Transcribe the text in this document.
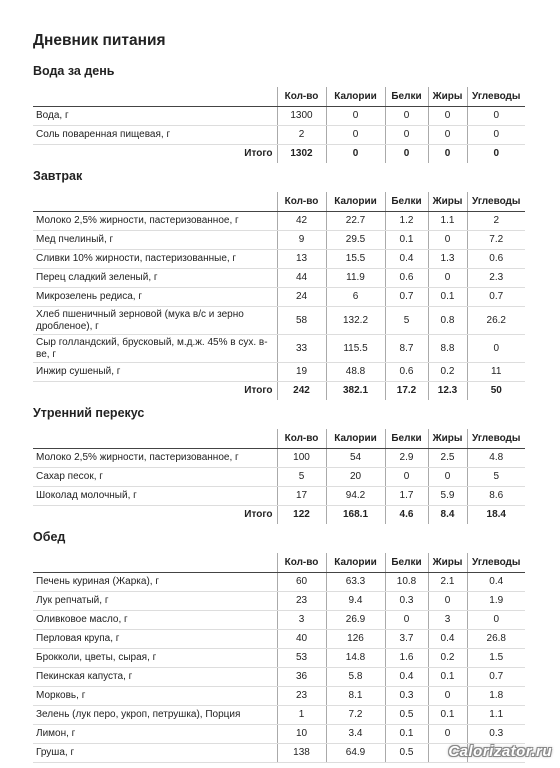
Дневник питания
Вода за день
	Кол-во	Калории	Белки	Жиры	Углеводы
Вода, г	1300	0	0	0	0
Соль поваренная пищевая, г	2	0	0	0	0
Итого	1302	0	0	0	0
Завтрак
	Кол-во	Калории	Белки	Жиры	Углеводы
Молоко 2,5% жирности, пастеризованное, г	42	22.7	1.2	1.1	2
Мед пчелиный, г	9	29.5	0.1	0	7.2
Сливки 10% жирности, пастеризованные, г	13	15.5	0.4	1.3	0.6
Перец сладкий зеленый, г	44	11.9	0.6	0	2.3
Микрозелень редиса, г	24	6	0.7	0.1	0.7
Хлеб пшеничный зерновой (мука в/с и зерно дробленое), г	58	132.2	5	0.8	26.2
Сыр голландский, брусковый, м.д.ж. 45% в сух. в-ве, г	33	115.5	8.7	8.8	0
Инжир сушеный, г	19	48.8	0.6	0.2	11
Итого	242	382.1	17.2	12.3	50
Утренний перекус
	Кол-во	Калории	Белки	Жиры	Углеводы
Молоко 2,5% жирности, пастеризованное, г	100	54	2.9	2.5	4.8
Сахар песок, г	5	20	0	0	5
Шоколад молочный, г	17	94.2	1.7	5.9	8.6
Итого	122	168.1	4.6	8.4	18.4
Обед
	Кол-во	Калории	Белки	Жиры	Углеводы
Печень куриная (Жарка), г	60	63.3	10.8	2.1	0.4
Лук репчатый, г	23	9.4	0.3	0	1.9
Оливковое масло, г	3	26.9	0	3	0
Перловая крупа, г	40	126	3.7	0.4	26.8
Брокколи, цветы, сырая, г	53	14.8	1.6	0.2	1.5
Пекинская капуста, г	36	5.8	0.4	0.1	0.7
Морковь, г	23	8.1	0.3	0	1.8
Зелень (лук перо, укроп, петрушка), Порция	1	7.2	0.5	0.1	1.1
Лимон, г	10	3.4	0.1	0	0.3
Груша, г	138	64.9	0.5		Calorizator.ru
